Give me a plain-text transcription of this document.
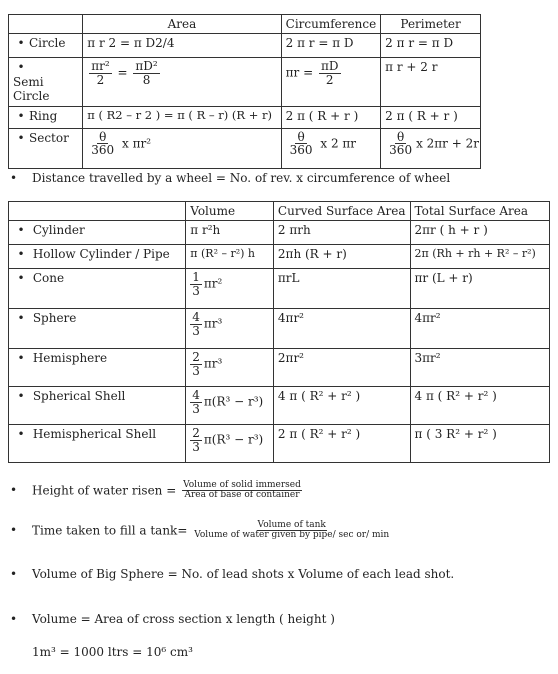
	Area	Circumference	Perimeter
• Circle	π r 2 = π D2/4	2 π r = π D	2 π r = π D
•Semi Circle	$\frac{\text{πr²}}{2} = \frac{\text{πD²}}{8}$	$\pi r = \frac{\pi D}{2}$	π r + 2 r
• Ring	π ( R2 – r 2 ) = π ( R – r) (R + r)	2 π ( R + r )	2 π ( R + r )
• Sector	$\frac{\theta}{360}$ x πr²	$\frac{\theta}{360}$ x 2 πr	$\frac{\theta}{360}$ x 2πr + 2r
• Distance travelled by a wheel = No. of rev. x circumference of wheel
	Volume	Curved Surface Area	Total Surface Area
• Cylinder	π r²h	2 πrh	2πr ( h + r )
• Hollow Cylinder / Pipe	π (R² – r²) h	2πh (R + r)	2π (Rh + rh + R² – r²)
• Cone	$\frac{1}{3} \pi r^2$	πrL	πr (L + r)
• Sphere	$\frac{4}{3} \pi r^3$	4πr²	4πr²
• Hemisphere	$\frac{2}{3} \pi r^3$	2πr²	3πr²
• Spherical Shell	$\frac{4}{3} \pi(R^3 - r^3)$	4 π ( R² + r² )	4 π ( R² + r² )
• Hemispherical Shell	$\frac{2}{3} \pi(R^3 - r^3)$	2 π ( R² + r² )	π ( 3 R² + r² )
• Height of water risen = $\frac{\text{Volume of solid immersed}}{\text{Area of base of container}}$
• Time taken to fill a $\tan k= \frac{\text{Volume of tank}}{\text{Volume of water given by pipe/ sec or/ min}}$
• Volume of Big Sphere = No. of lead shots x Volume of each lead shot.
• Volume = Area of cross section x length ( height )
1m³ = 1000 ltrs = 10⁶ cm³
